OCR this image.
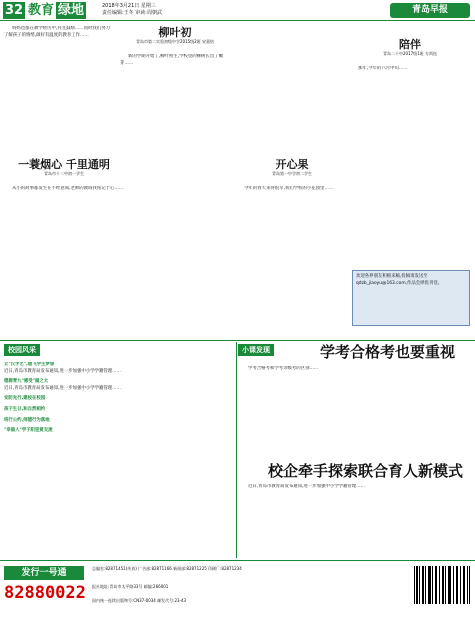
32 教育 绿地	2018年3月21日 星期三
责任编辑:王冬 审读:周朝武	青岛早报

妈妈也都在教学经历中,并且鼓励……同时我们努力了解孩子的情绪,做好有温度的教育工作……	柳叶初
青岛市第二实验初级中学2015级2班 宋嘉怡

新的学期开始了,柳叶初生,学校里的柳树长出了嫩芽……

陪伴
青岛二十中2017级1班 方尚钰

那年,今年的六月中旬……

一蓑烟心 千里通明
青岛市十二中初一学生

从小的故事都发生在不经意间,老师的教诲我铭记于心……

开心果
青岛第一中学初二学生

今年的春天来得很早,我们学校的小花园里……

欢迎各界朋友积极来稿,投稿请发送至qdzb_jiaoyu@163.com,作品会择优刊登。
校园风采	小课发现	学考合格考也要重视

学考合格考和学考等级考的区别……

校企牵手探索联合育人新模式

近日,青岛市教育局发布通知,进一步加强中小学学籍管理……

立"汉字艺",德飞学生梦想
近日,青岛市教育局发布通知,进一步加强中小学学籍管理……
德源青九"感受"福之大
近日,青岛市教育局发布通知,进一步加强中小学学籍管理……
安防先行,建校在校园
孩子生日,和自然相约
班行公约,师德行为落地
"幸福人"学子阳里赏交流
发行一号通
82880022
总编室:82871451(传真) 广告部:82871166 新闻部:82871225 印刷厂:82871234
报社地址:青岛市太平路33号 邮编:266001
国内统一连续出版物号:CN37-0034 邮发代号:23-43
